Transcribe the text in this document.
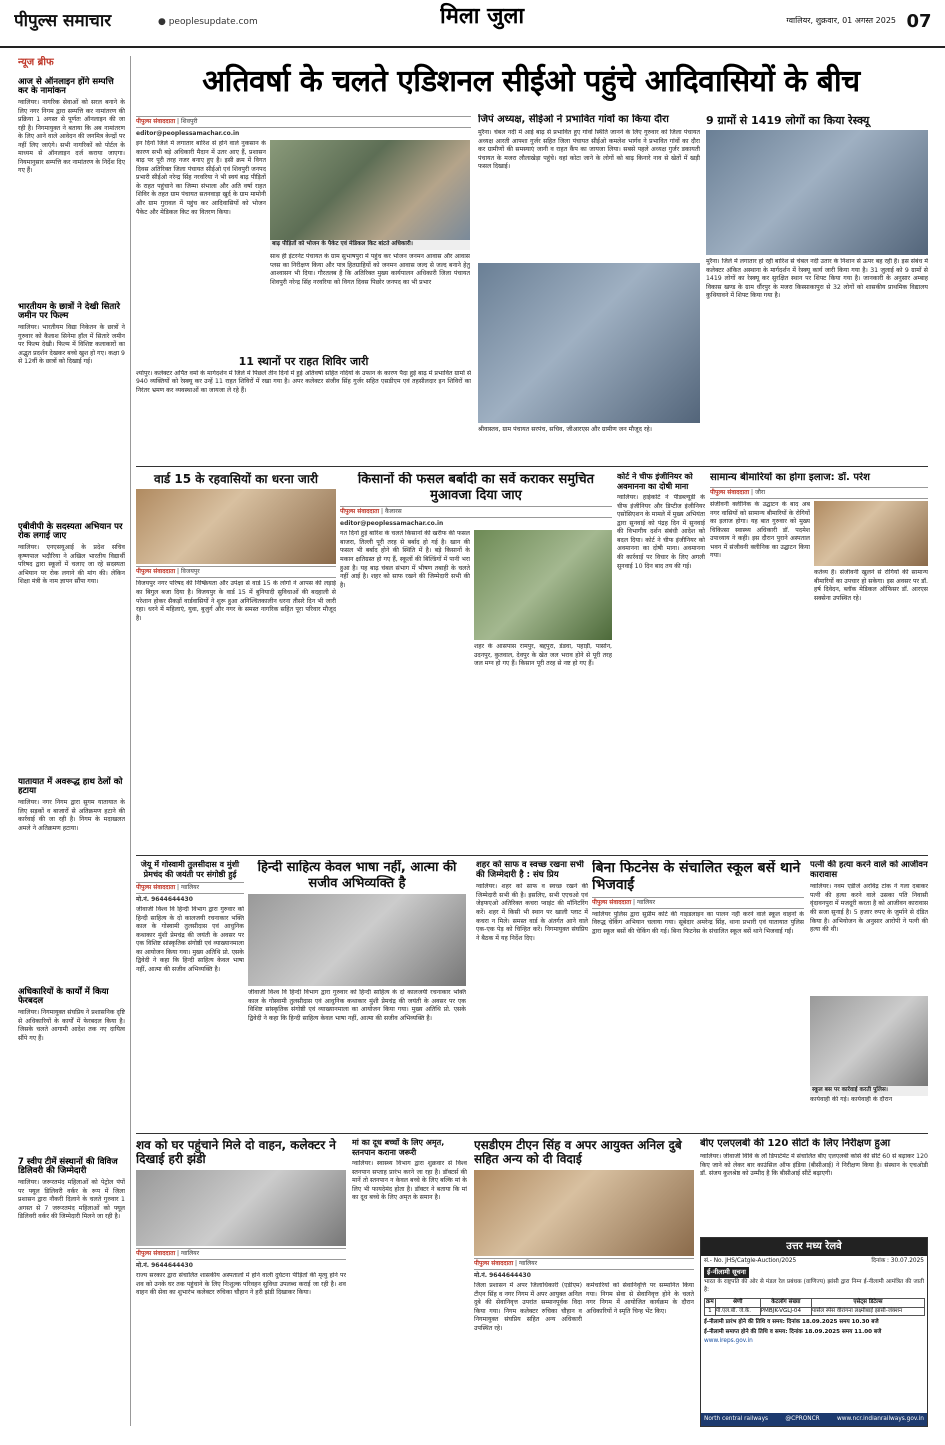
पीपुल्स समाचार	● peoplesupdate.com	मिला जुला	ग्वालियर, शुक्रवार, 01 अगस्त 2025 07
न्यूज ब्रीफ
आज से ऑनलाइन होंगे सम्पत्ति कर के नामांकन
ग्वालियर। नागरिक सेवाओं को सरल बनाने के लिए नगर निगम द्वारा सम्पत्ति कर नामांतरण की प्रक्रिया 1 अगस्त से पूर्णतः ऑनलाइन की जा रही है। निगमायुक्त ने बताया कि अब नामांतरण के लिए आने वाले आवेदन की जनमित्र केन्द्रों पर नहीं लिए जाएंगे। सभी नागरिकों को पोर्टल के माध्यम से ऑनलाइन दर्ज कराया जाएगा। नियमानुसार सम्पत्ति कर नामांतरण के निर्देश दिए गए हैं।
भारतीयम के छात्रों ने देखी सितारे जमीन पर फिल्म
ग्वालियर। भारतीयम विद्या निकेतन के छात्रों ने गुरुवार को कैलाश सिनेमा हॉल में सितारे जमीन पर फिल्म देखी। फिल्म में विशिष्ट कलाकारों का अद्भुत प्रदर्शन देखकर बच्चे खुश हो गए। कक्षा 9 से 12वीं के छात्रों को दिखाई गई।
एबीवीपी के सदस्यता अभियान पर रोक लगाई जाए
ग्वालियर। एनएसयूआई के प्रदेश सचिव कृष्णपाल भदौरिया ने अखिल भारतीय विद्यार्थी परिषद द्वारा स्कूलों में चलाए जा रहे सदस्यता अभियान पर रोक लगाने की मांग की। लेकिन शिक्षा मंत्री के नाम ज्ञापन सौंपा गया।
यातायात में अवरूद्ध हाथ ठेलों को हटाया
ग्वालियर। नगर निगम द्वारा सुगम यातायात के लिए सड़कों व बाजारों से अतिक्रमण हटाने की कार्रवाई की जा रही है। निगम के मदाखलत अमले ने अतिक्रमण हटाया।
अधिकारियों के कार्यों में किया फेरबदल
ग्वालियर। निगमायुक्त संघप्रिय ने प्रशासनिक दृष्टि से अधिकारियों के कार्यों में फेरबदल किया है। जिसके चलते आगामी आदेश तक नए दायित्व सौंपे गए हैं।
7 स्वीप टीमें संस्थानों की विविज डिलिवरी की जिम्मेदारी
ग्वालियर। जरूरतमंद महिलाओं को पेट्रोल पंपों पर फ्यूल डिलिवरी वर्कर के रूप में जिला प्रशासन द्वारा नौकरी दिलाने के चलते गुरुवार 1 अगस्त से 7 जरूरतमंद महिलाओं को फ्यूल डिलिवरी वर्कर की जिम्मेदारी मिलने जा रही है।
अतिवर्षा के चलते एडिशनल सीईओ पहुंचे आदिवासियों के बीच
पीपुल्स संवाददाता | शिवपुरी
editor@peoplessamachar.co.in
इन दिनों जिले में लगातार बारिश से होने वाले नुकसान के कारण सभी बड़े अधिकारी मैदान में उतर आए हैं, प्रशासन बाढ़ पर पूरी तरह नजर बनाए हुए है। इसी क्रम में विगत दिवस अतिरिक्त जिला पंचायत सीईओ एवं शिवपुरी जनपद प्रभारी सीईओ नरेन्द्र सिंह नरवरिया ने भी स्वयं बाढ़ पीड़ितों के राहत पहुंचाने का जिम्मा संभाला और अति वर्षा राहत शिविर के तहत ग्राम पंचायत सतनवाड़ा खुर्द के ग्राम मामोनी और ग्राम गुरावल में पहुंच कर आदिवासियों को भोजन पैकेट और मेडिकल किट का वितरण किया।
बाढ़ पीड़ितों को भोजन के पैकेट एवं मेडिकल किट बांटते अधिकारी।
साथ ही इंटरनेट पंचायत के ग्राम सुभाषपुरा में पहुंच कर भोजन जनमन आवास और आवास प्लस का निरीक्षण किया और पात्र हितग्राहियों को जनमन आवास जल्द से जल्द बनाने हेतु आश्वासन भी दिया। गौरतलब है कि अतिरिक्त मुख्य कार्यपालन अधिकारी जिला पंचायत शिवपुरी नरेन्द्र सिंह नरवरिया को विगत दिवस पिछोर जनपद का भी प्रभार
11 स्थानों पर राहत शिविर जारी
श्योपुर। कलेक्टर अर्पित वर्मा के मार्गदर्शन में जिले में पिछले तीन दिनों में हुई अतिवर्षा सहित नदियों के उफान के कारण पैदा हुई बाढ़ में प्रभावित ग्रामों से 940 व्यक्तियों को रेस्क्यू कर उन्हें 11 राहत शिविरों में रखा गया है। अपर कलेक्टर संजीव सिंह गुर्जर सहित एसडीएम एवं तहसीलदार इन शिविरों का निरंतर भ्रमण कर व्यवस्थाओं का जायजा ले रहे हैं।
जिपं अध्यक्ष, सीईओ ने प्रभावित गांवों का किया दौरा
मुरैना। चंबल नदी में आई बाढ़ से प्रभावित हुए गांवों स्थिति जानने के लिए गुरुवार को जिला पंचायत अध्यक्ष आरती आफ्शा गुर्जर सहित जिला पंचायत सीईओ कमलेश भार्गव ने प्रभावित गांवों का दौरा कर ग्रामीणों की समस्याएं जानी व राहत कैंप का जायजा लिया। सबसे पहले अध्यक्ष गुर्जर डकायती पंचायत के मजरा लौलाखेड़ा पहुंचे। वहां कोटा जाने के लोगों को बाढ़ किनारे नाव से खेतों में खड़ी फसल दिखाई।
श्रीवास्तव, ग्राम पंचायत सरपंच, सचिव, जीआरएस और ग्रामीण जन मौजूद रहे।
9 ग्रामों से 1419 लोगों का किया रेस्क्यू
मुरैना। जिले में लगातार हो रही बारिश से चंबल नदी उतार के निशान से ऊपर बह रही है। इस संबंध में कलेक्टर अंकित अस्थाना के मार्गदर्शन में रेस्क्यू कार्य जारी किया गया है। 31 जुलाई को 9 ग्रामों से 1419 लोगों का रेस्क्यू कर सुरक्षित स्थान पर शिफ्ट किया गया है। जानकारी के अनुसार अम्बाह विकास खण्ड के ग्राम धौंरपुर के मजरा किस्साकापुरा से 32 लोगों को शासकीय प्राथमिक विद्यालय कुथियावने में शिफ्ट किया गया है।
वार्ड 15 के रहवासियों का धरना जारी
पीपुल्स संवाददाता | विजयपुर
विजयपुर नगर परिषद की निष्क्रियता और उपेक्षा से वार्ड 15 के लोगों ने आपस की लड़ाई का बिगुल बजा दिया है। विजयपुर के वार्ड 15 में बुनियादी सुविधाओं की बदहाली से परेशान होकर सैकड़ों वार्डवासियों ने शुरू हुआ अनिश्चितकालीन धरना तीसरे दिन भी जारी रहा। धरने में महिलाएं, युवा, बुजुर्ग और नगर के समस्त नागरिक सहित पूरा परिवार मौजूद है।
किसानों की फसल बर्बादी का सर्वे कराकर समुचित मुआवजा दिया जाए
पीपुल्स संवाददाता | कैलारस
editor@peoplessamachar.co.in
गत दिनों हुई बारिश के चलते किसानों की खरीफ की फसल बाजरा, तिल्ली पूरी तरह से बर्बाद हो गई है। खान की फसल भी बर्बाद होने की स्थिति में है। बड़े किसानों के मकान क्षतिग्रस्त हो गए हैं, स्कूलों की बिल्डिंगों में पानी भरा हुआ है। यह बाढ़ चंबल संभाग में भीषण तबाही के चलते नहीं आई है। शहर को साफ रखने की जिम्मेदारी सभी की है।
शहर के आसपास रामपुर, बद्दपुरा, डंडवा, पहाड़ी, पासोन, उदनपुर, कुतवाल, देवपुर के खेत जल भराव होने से पूरी तरह जल मग्न हो गए हैं। किसान पूरी तरह से नष्ट हो गए हैं।
कोर्ट ने चीफ इंजीनियर को अवमानना का दोषी माना
ग्वालियर। हाईकोर्ट ने पीडब्ल्यूडी के चीफ इंजीनियर और डिप्टीज इंजीनियर एसोसिएशन के मामले में मुख्य अभियंता द्वारा सुनवाई को पंद्रह दिन में सुनवाई की विभागीय दर्शन संबंधी आदेश को बदल दिया। कोर्ट ने चीफ इंजीनियर को अवमानना का दोषी माना। अवमानना की कार्रवाई पर विचार के लिए अगली सुनवाई 10 दिन बाद तय की गई।
सामान्य बीमारियों का होगा इलाज: डॉ. परेश
पीपुल्स संवाददाता | जौरा
संजीवनी क्लीनिक के उद्घाटन के बाद अब नगर वासियों को सामान्य बीमारियों के रोगियों का इलाज होगा। यह बात गुरुवार को मुख्य चिकित्सा स्वास्थ्य अधिकारी डॉ. पदमेश उपाध्याय ने कही। इस दौरान पुराने अस्पताल भवन में संजीवनी क्लीनिक का उद्घाटन किया गया।
कर्तव्य है। संजीवनी खुलने से रोगियों की सामान्य बीमारियों का उपचार हो सकेगा। इस अवसर पर डॉ. हर्ष दिवेदन, ब्लॉक मेडिकल ऑफिसर डॉ. आरएस सक्सेना उपस्थित रहे।
जेयू में गोस्वामी तुलसीदास व मुंशी प्रेमचंद की जयंती पर संगोष्ठी हुई
पीपुल्स संवाददाता | ग्वालियर
मो.नं. 9644644430
जीवाजी विश्व वि हिन्दी विभाग द्वारा गुरुवार को हिन्दी साहित्य के दो कालजयी रचनाकार भक्ति काल के गोस्वामी तुलसीदास एवं आधुनिक कथाकार मुंशी प्रेमचंद्र की जयंती के अवसर पर एक विशिष्ट सांस्कृतिक संगोष्ठी एवं व्याख्यानमाला का आयोजन किया गया। मुख्य अतिथि प्रो. एसके द्विवेदी ने कहा कि हिन्दी साहित्य केवल भाषा नहीं, आत्मा की सजीव अभिव्यक्ति है।
हिन्दी साहित्य केवल भाषा नहीं, आत्मा की सजीव अभिव्यक्ति है
जीवाजी विश्व वि हिन्दी विभाग द्वारा गुरुवार को हिन्दी साहित्य के दो कालजयी रचनाकार भक्ति काल के गोस्वामी तुलसीदास एवं आधुनिक कथाकार मुंशी प्रेमचंद्र की जयंती के अवसर पर एक विशिष्ट सांस्कृतिक संगोष्ठी एवं व्याख्यानमाला का आयोजन किया गया। मुख्य अतिथि प्रो. एसके द्विवेदी ने कहा कि हिन्दी साहित्य केवल भाषा नहीं, आत्मा की सजीव अभिव्यक्ति है।
शहर को साफ व स्वच्छ रखना सभी की जिम्मेदारी है : संघ प्रिय
ग्वालियर। शहर को साफ व स्वच्छ रखने की जिम्मेदारी सभी की है। इसलिए, सभी एएचओ एवं जेइफएओ अतिरिक्त कचरा प्वाइंट की मॉनिटरिंग करें। शहर में किसी भी स्थान पर खाली प्लाट में कचरा न मिले। समस्त वार्ड के अंतर्गत आने वाले एक-एक पेड़ को चिन्हित करें। निगमायुक्त संघप्रिय ने बैठक में यह निर्देश दिए।
बिना फिटनेस के संचालित स्कूल बसें थाने भिजवाईं
पीपुल्स संवाददाता | ग्वालियर
ग्वालियर पुलिस द्वारा सुप्रीम कोर्ट की गाइडलाइन का पालन नहीं करने वाले स्कूल वाहनों के विरुद्ध चेकिंग अभियान चलाया गया। सूबेदार अमरेन्द्र सिंह, थाना प्रभारी एवं यातायात पुलिस द्वारा स्कूल बसों की चेकिंग की गई। बिना फिटनेस के संचालित स्कूल बसें थाने भिजवाई गईं।
पत्नी की हत्या करने वाले को आजीवन कारावास
ग्वालियर। नवम एडीजे अरविंद्र टांक ने गला दबाकर पत्नी की हत्या करने वाले उसका पति निवासी वृंदावनपुरा में मजदूरी करता है को आजीवन कारावास की सजा सुनाई है। 5 हजार रुपए के जुर्माने से दंडित किया है। अभियोजन के अनुसार आरोपी ने पत्नी की हत्या की थी।
स्कूल बस पर कार्रवाई करती पुलिस।
कार्यवाही की गई। कार्यवाही के दौरान
शव को घर पहुंचाने मिले दो वाहन, कलेक्टर ने दिखाई हरी झंडी
पीपुल्स संवाददाता | ग्वालियर
मो.नं. 9644644430
राज्य सरकार द्वारा संचालित शासकीय अस्पतालों में होने वाली दुर्घटना पीड़ितों की मृत्यु होने पर शव को उनके घर तक पहुंचाने के लिए निःशुल्क परिवहन सुविधा उपलब्ध कराई जा रही है। शव वाहन की सेवा का शुभारंभ कलेक्टर रुचिका चौहान ने हरी झंडी दिखाकर किया।
मां का दूध बच्चों के लिए अमृत, स्तनपान कराना जरूरी
ग्वालियर। स्वास्थ्य विभाग द्वारा शुक्रवार से विश्व स्तनपान सप्ताह प्रारंभ करने जा रहा है। डॉक्टर्स की मानें तो स्तनपान न केवल बच्चे के लिए बल्कि मां के लिए भी फायदेमंद होता है। डॉक्टर ने बताया कि मां का दूध बच्चे के लिए अमृत के समान है।
एसडीएम टीएन सिंह व अपर आयुक्त अनिल दुबे सहित अन्य को दी विदाई
पीपुल्स संवाददाता | ग्वालियर
मो.नं. 9644644430
जिला प्रशासन में अपर जिलाधिकारी (एडीएम) टीएन सिंह व नगर निगम में अपर आयुक्त अनिल दुबे की सेवानिवृत्त उपरांत सम्मानपूर्वक विदा किया गया। निगम कलेक्टर रुचिका चौहान व निगमायुक्त संघप्रिय सहित अन्य अधिकारी उपस्थित रहे।
कर्मचारियों को सेवानिवृत्ति पर सम्मानित किया गया। निगम सेवा से सेवानिवृत्त होने के चलते नगर निगम में आयोजित कार्यक्रम के दौरान अधिकारियों ने स्मृति चिन्ह भेंट किए।
बीए एलएलबी की 120 सीटों के लिए निरीक्षण हुआ
ग्वालियर। जीवाजी विवि के लॉ डिपार्टमेंट में संचालित बीए एलएलबी कोर्स की सीटें 60 से बढ़ाकर 120 किए जाने को लेकर बार काउंसिल ऑफ इंडिया (बीसीआई) ने निरीक्षण किया है। संस्थान के एचओडी डॉ. संजय कुलश्रेष्ठ को उम्मीद है कि बीसीआई सीटें बढ़ाएगी।
उत्तर मध्य रेलवे
सं.- No. JHS/Catgle-Auction/2025	दिनांक : 30.07.2025
ई-नीलामी सूचना
भारत के राष्ट्रपति की ओर से मंडल रेल प्रबंधक (वाणिज्य) झांसी द्वारा निम्न ई-नीलामी आमंत्रित की जाती है:
क्रम	श्रेणी	केटलॉग संख्या	एसेट्स डिटेल्स
1	पी.एल.बी. जे.के.	PMBJK-VGLJ-04	पार्सल स्पेस वीरांगना लक्ष्मीबाई झांसी-जंक्शन
ई-नीलामी प्रारंभ होने की तिथि व समय: दिनांक 18.09.2025 समय 10.30 बजे
ई-नीलामी समाप्त होने की तिथि व समय: दिनांक 18.09.2025 समय 11.00 बजे
www.ireps.gov.in
North central railways	@CPRONCR	www.ncr.indianrailways.gov.in
